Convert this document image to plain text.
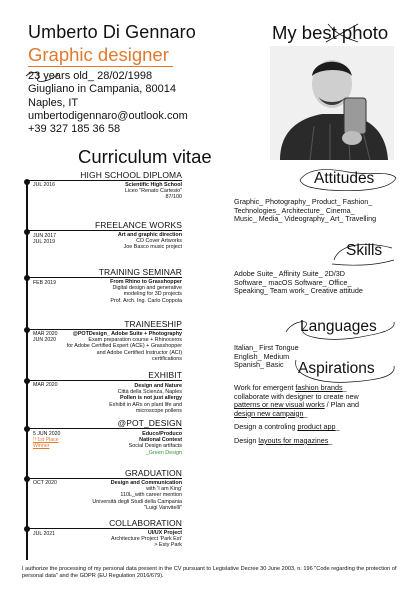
Umberto Di Gennaro
Graphic designer
23 years old_ 28/02/1998
Giugliano in Campania, 80014
Naples, IT
umbertodigennaro@outlook.com
+39 327 185 36 58
My best photo
Curriculum vitae
HIGH SCHOOL DIPLOMA
JUL 2016	Scientific High School
Liceo "Renato Cartesio"
87/100
FREELANCE WORKS
JUN 2017
JUL 2019
Art and graphic direction
CD Cover Artworks
Joe Basco music project
TRAINING SEMINAR
FEB 2019	From Rhino to Grasshopper
Digital design and generative
modeling for 3D projects
Prof. Arch. Ing. Carlo Coppola
TRAINEESHIP
MAR 2020
JUN 2020
@POTDesign_ Adobe Suite + Photography
Exam preparation course + Rhinoceros
for Adobe Certified Expert (ACE) + Grasshopper
and Adobe Certified Instructor (ACI)
certifications
EXHIBIT
MAR 2020	Design and Nature
Città della Scienza, Naples
Pollen is not just allergy
Exhibit in ARs on plant life and
microscope pollens
@POT_DESIGN
5 JUN 2020
!! 1st Place
Winner
Educo/Produco
National Contest
Social Design artifacts
_Green Design
GRADUATION
OCT 2020	Design and Communication
with 'I am King'
110L_with career mention
Università degli Studi della Campania
"Luigi Vanvitelli"
COLLABORATION
JUL 2021	UI/UX Project
Architecture Project 'Park Est'
> Esty Park
Attitudes
Graphic_ Photography_ Product_ Fashion_
Technologies_ Architecture_ Cinema_
Music_ Media_ Videography_ Art_ Travelling
Skills
Adobe Suite_ Affinity Suite_ 2D/3D
Software_ macOS Software_ Office_
Speaking_ Team work_ Creative attitude
Languages
Italian_ First Tongue
English_ Medium
Spanish_ Basic Aspirations
Work for emergent fashion brands_
collaborate with designer to create new
patterns or new visual works / Plan and
design new campaign_
Design a controling product app_
Design layouts for magazines_
I authorize the processing of my personal data present in the CV pursuant to Legislative Decree 30 June 2003, n. 196 "Code regarding the protection of personal data" and the GDPR (EU Regulation 2016/679).
